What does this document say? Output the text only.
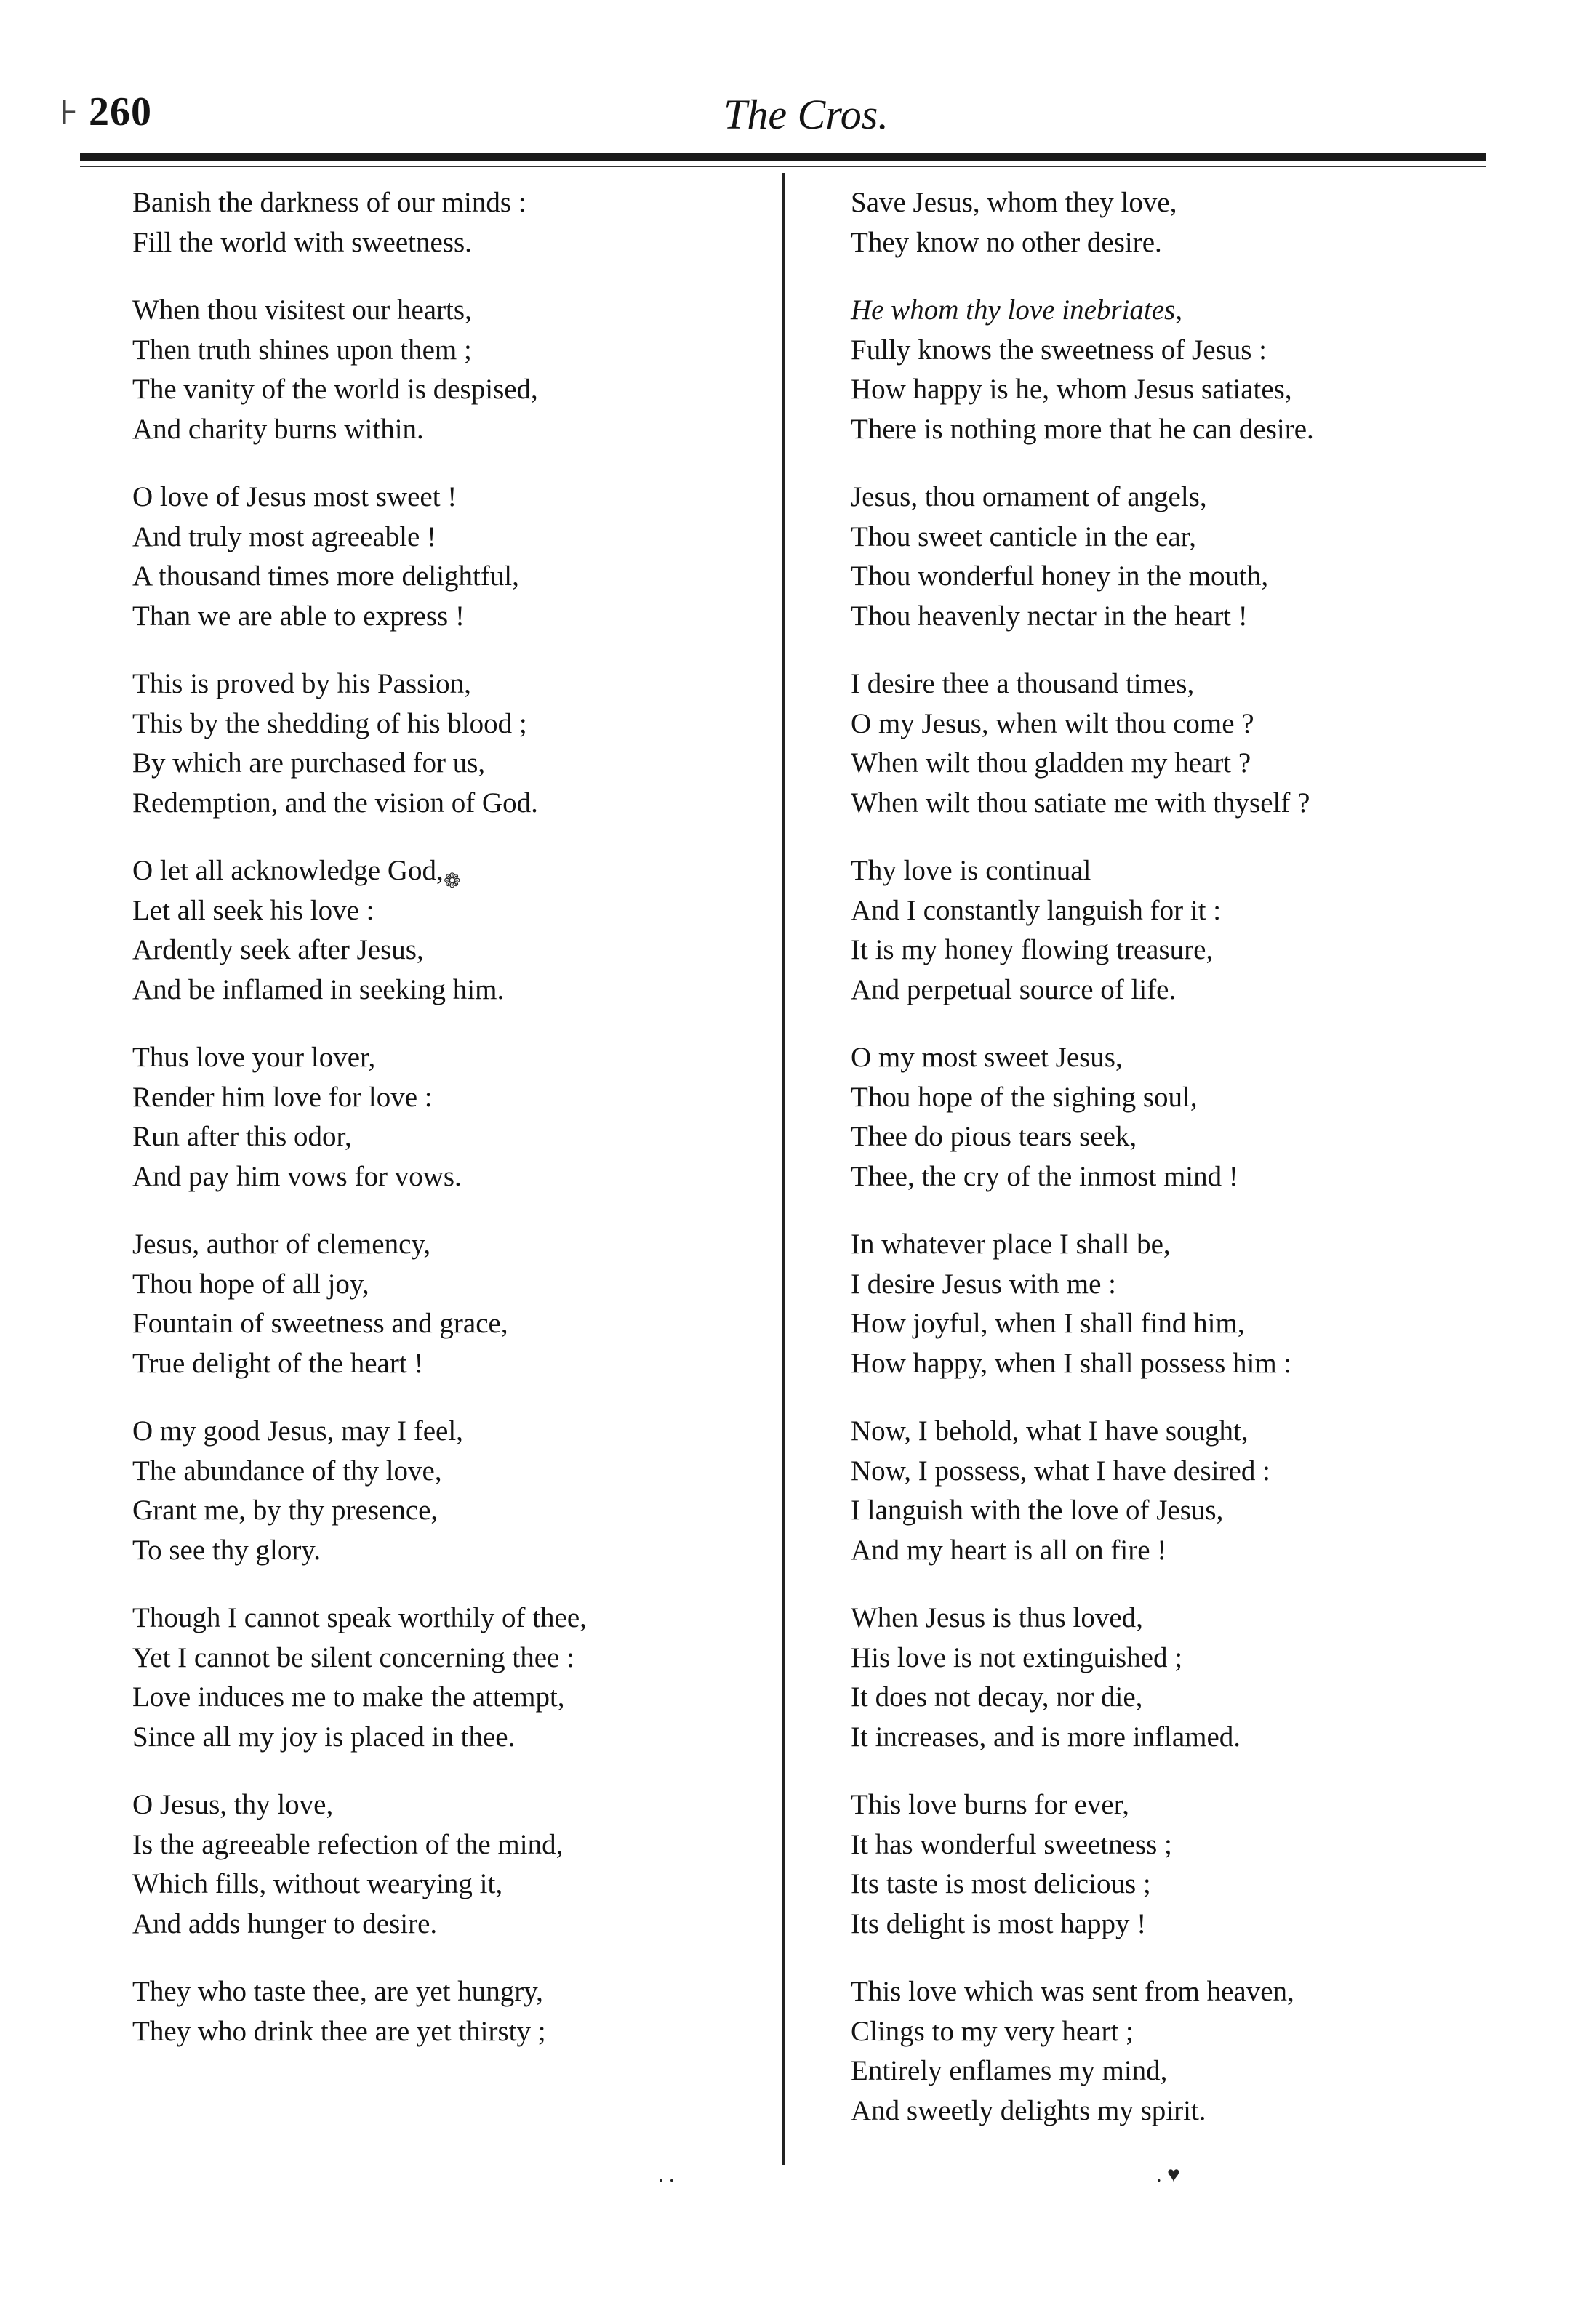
⊦ 260	The Cros.
Banish the darkness of our minds :
Fill the world with sweetness.
When thou visitest our hearts,
Then truth shines upon them ;
The vanity of the world is despised,
And charity burns within.
O love of Jesus most sweet !
And truly most agreeable !
A thousand times more delightful,
Than we are able to express !
This is proved by his Passion,
This by the shedding of his blood ;
By which are purchased for us,
Redemption, and the vision of God.
O let all acknowledge God,
Let all seek his love :
Ardently seek after Jesus,
And be inflamed in seeking him.
Thus love your lover,
Render him love for love :
Run after this odor,
And pay him vows for vows.
Jesus, author of clemency,
Thou hope of all joy,
Fountain of sweetness and grace,
True delight of the heart !
O my good Jesus, may I feel,
The abundance of thy love,
Grant me, by thy presence,
To see thy glory.
Though I cannot speak worthily of thee,
Yet I cannot be silent concerning thee :
Love induces me to make the attempt,
Since all my joy is placed in thee.
O Jesus, thy love,
Is the agreeable refection of the mind,
Which fills, without wearying it,
And adds hunger to desire.
They who taste thee, are yet hungry,
They who drink thee are yet thirsty ;
❁
Save Jesus, whom they love,
They know no other desire.
He whom thy love inebriates,
Fully knows the sweetness of Jesus :
How happy is he, whom Jesus satiates,
There is nothing more that he can desire.
Jesus, thou ornament of angels,
Thou sweet canticle in the ear,
Thou wonderful honey in the mouth,
Thou heavenly nectar in the heart !
I desire thee a thousand times,
O my Jesus, when wilt thou come ?
When wilt thou gladden my heart ?
When wilt thou satiate me with thyself ?
Thy love is continual
And I constantly languish for it :
It is my honey flowing treasure,
And perpetual source of life.
O my most sweet Jesus,
Thou hope of the sighing soul,
Thee do pious tears seek,
Thee, the cry of the inmost mind !
In whatever place I shall be,
I desire Jesus with me :
How joyful, when I shall find him,
How happy, when I shall possess him :
Now, I behold, what I have sought,
Now, I possess, what I have desired :
I languish with the love of Jesus,
And my heart is all on fire !
When Jesus is thus loved,
His love is not extinguished ;
It does not decay, nor die,
It increases, and is more inflamed.
This love burns for ever,
It has wonderful sweetness ;
Its taste is most delicious ;
Its delight is most happy !
This love which was sent from heaven,
Clings to my very heart ;
Entirely enflames my mind,
And sweetly delights my spirit.
. .	. ♥
